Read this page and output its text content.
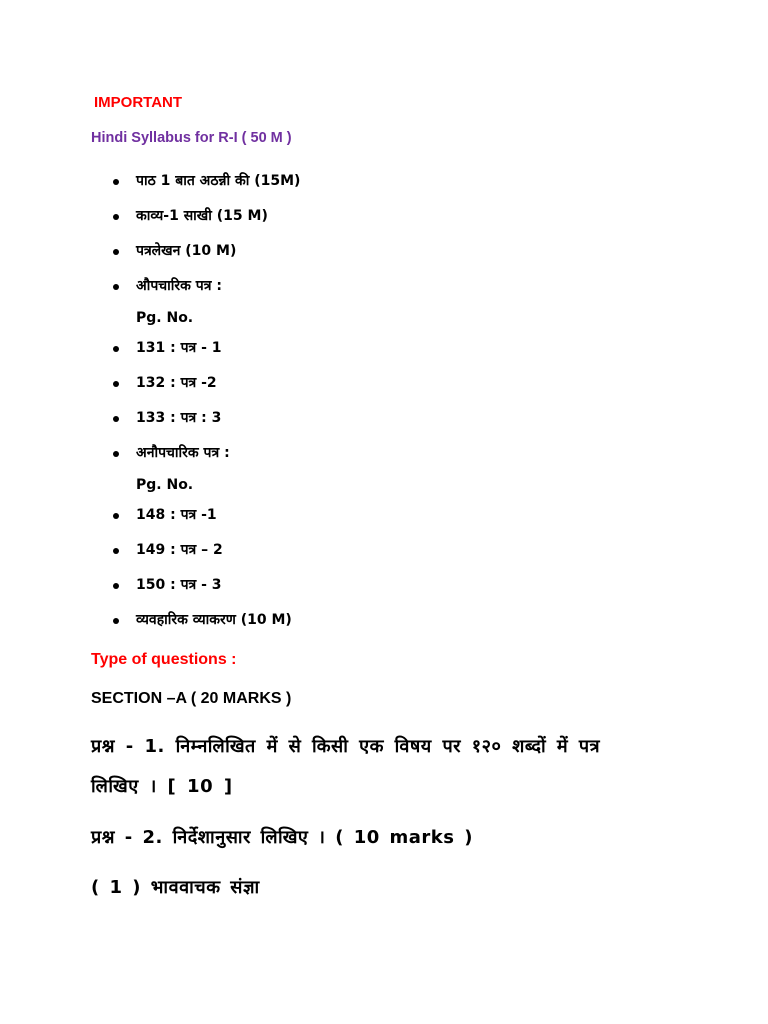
IMPORTANT
Hindi Syllabus for R-I ( 50 M )
पाठ 1 बात अठन्नी की (15M)
काव्य-1 साखी (15 M)
पत्रलेखन (10 M)
औपचारिक पत्र :
Pg. No.
131 : पत्र - 1
132 : पत्र -2
133 : पत्र : 3
अनौपचारिक पत्र :
Pg. No.
148 : पत्र -1
149 : पत्र – 2
150 : पत्र - 3
व्यवहारिक व्याकरण (10 M)
Type of questions :
SECTION –A ( 20 MARKS )
प्रश्न - 1. निम्नलिखित में से किसी एक विषय पर १२० शब्दों में पत्र
लिखिए । [ 10 ]
प्रश्न - 2. निर्देशानुसार लिखिए । ( 10 marks )
( 1 ) भाववाचक संज्ञा
